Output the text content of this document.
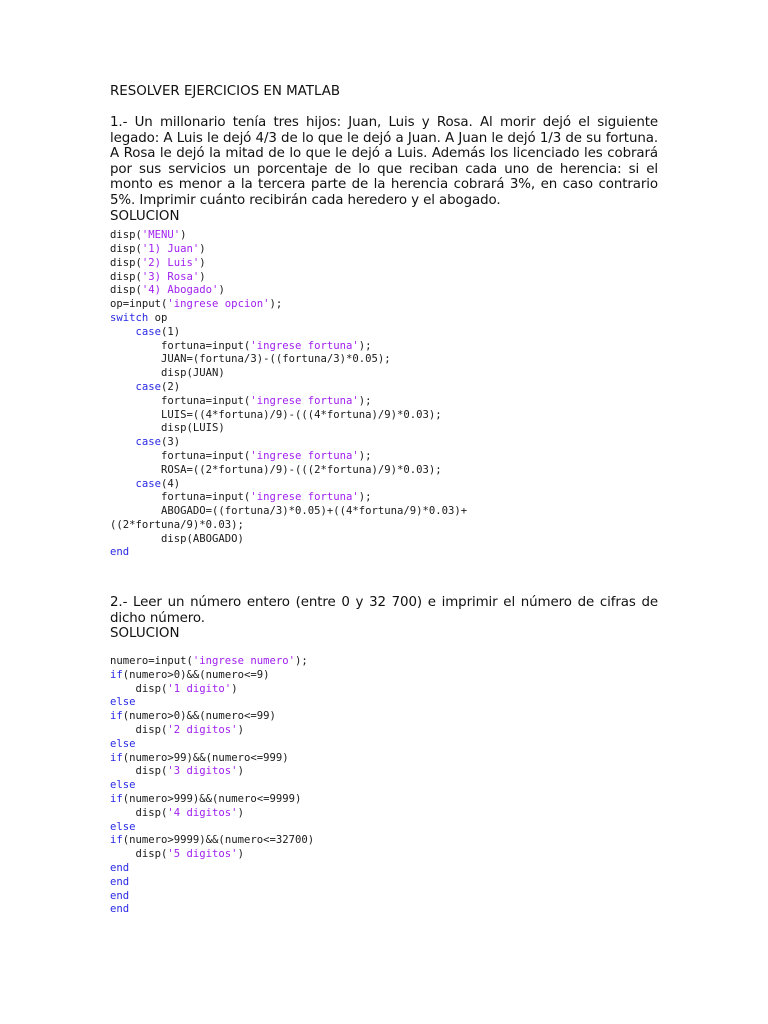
RESOLVER EJERCICIOS EN MATLAB

1.- Un millonario tenía tres hijos: Juan, Luis y Rosa. Al morir dejó el siguiente legado: A Luis le dejó 4/3 de lo que le dejó a Juan. A Juan le dejó 1/3 de su fortuna. A Rosa le dejó la mitad de lo que le dejó a Luis. Además los licenciado les cobrará por sus servicios un porcentaje de lo que reciban cada uno de herencia: si el monto es menor a la tercera parte de la herencia cobrará 3%, en caso contrario 5%. Imprimir cuánto recibirán cada heredero y el abogado.

SOLUCION

disp('MENU')
disp('1) Juan')
disp('2) Luis')
disp('3) Rosa')
disp('4) Abogado')
op=input('ingrese opcion');
switch op
case(1)
fortuna=input('ingrese fortuna');
JUAN=(fortuna/3)-((fortuna/3)*0.05);
disp(JUAN)
case(2)
fortuna=input('ingrese fortuna');
LUIS=((4*fortuna)/9)-(((4*fortuna)/9)*0.03);
disp(LUIS)
case(3)
fortuna=input('ingrese fortuna');
ROSA=((2*fortuna)/9)-(((2*fortuna)/9)*0.03);
case(4)
fortuna=input('ingrese fortuna');
ABOGADO=((fortuna/3)*0.05)+((4*fortuna/9)*0.03)+
((2*fortuna/9)*0.03);
disp(ABOGADO)
end

2.- Leer un número entero (entre 0 y 32 700) e imprimir el número de cifras de dicho número.

SOLUCION

numero=input('ingrese numero');
if(numero>0)&&(numero<=9)
disp('1 digito')
else
if(numero>0)&&(numero<=99)
disp('2 digitos')
else
if(numero>99)&&(numero<=999)
disp('3 digitos')
else
if(numero>999)&&(numero<=9999)
disp('4 digitos')
else
if(numero>9999)&&(numero<=32700)
disp('5 digitos')
end
end
end
end
